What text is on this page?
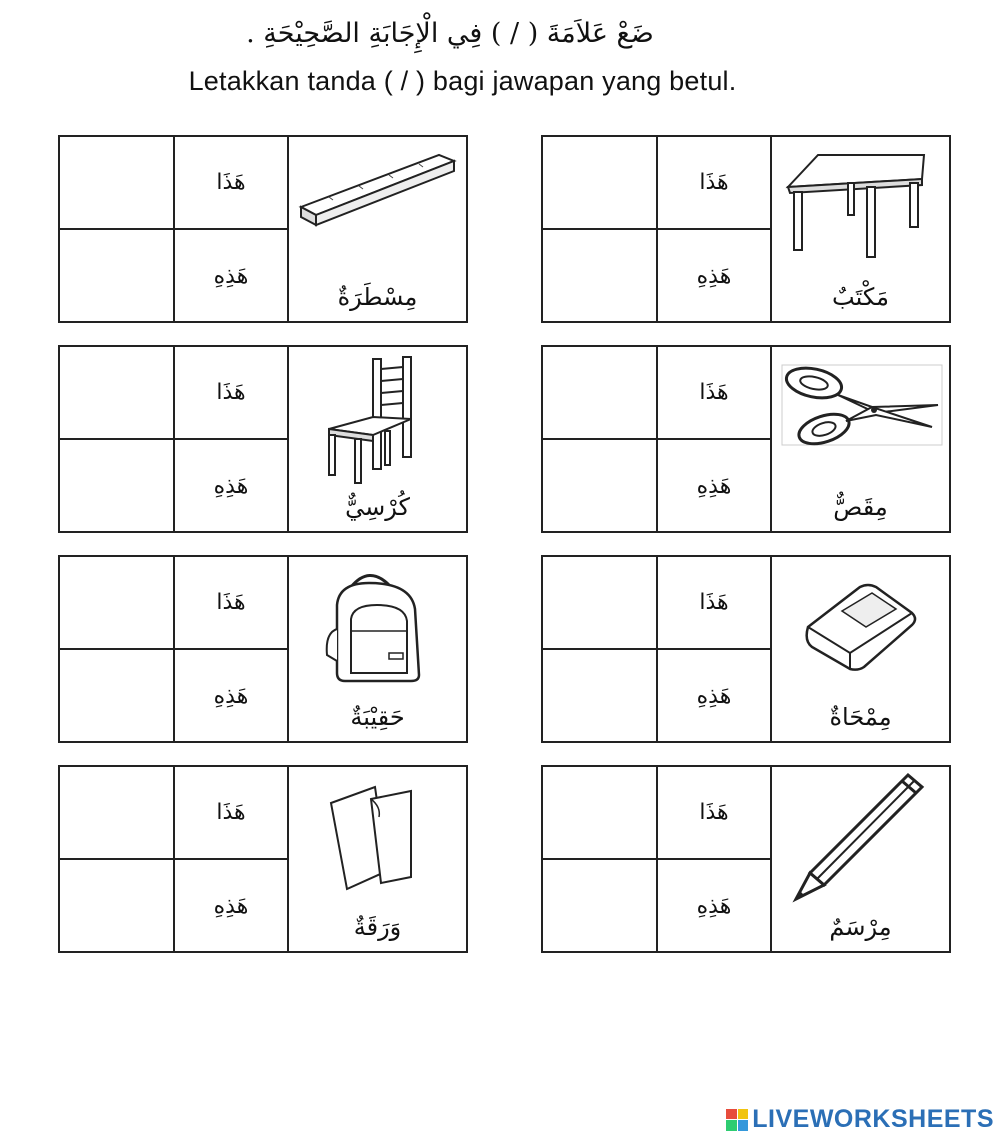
ضَعْ عَلاَمَةَ ( / ) فِي الْإِجَابَةِ الصَّحِيْحَةِ .
Letakkan tanda ( / ) bagi jawapan yang betul.
هَذَا
هَذِهِ
مِسْطَرَةٌ
هَذَا
هَذِهِ
مَكْتَبٌ
هَذَا
هَذِهِ
كُرْسِيٌّ
هَذَا
هَذِهِ
مِقَصٌّ
هَذَا
هَذِهِ
حَقِيْبَةٌ
هَذَا
هَذِهِ
مِمْحَاةٌ
هَذَا
هَذِهِ
وَرَقَةٌ
هَذَا
هَذِهِ
مِرْسَمٌ
LIVEWORKSHEETS
